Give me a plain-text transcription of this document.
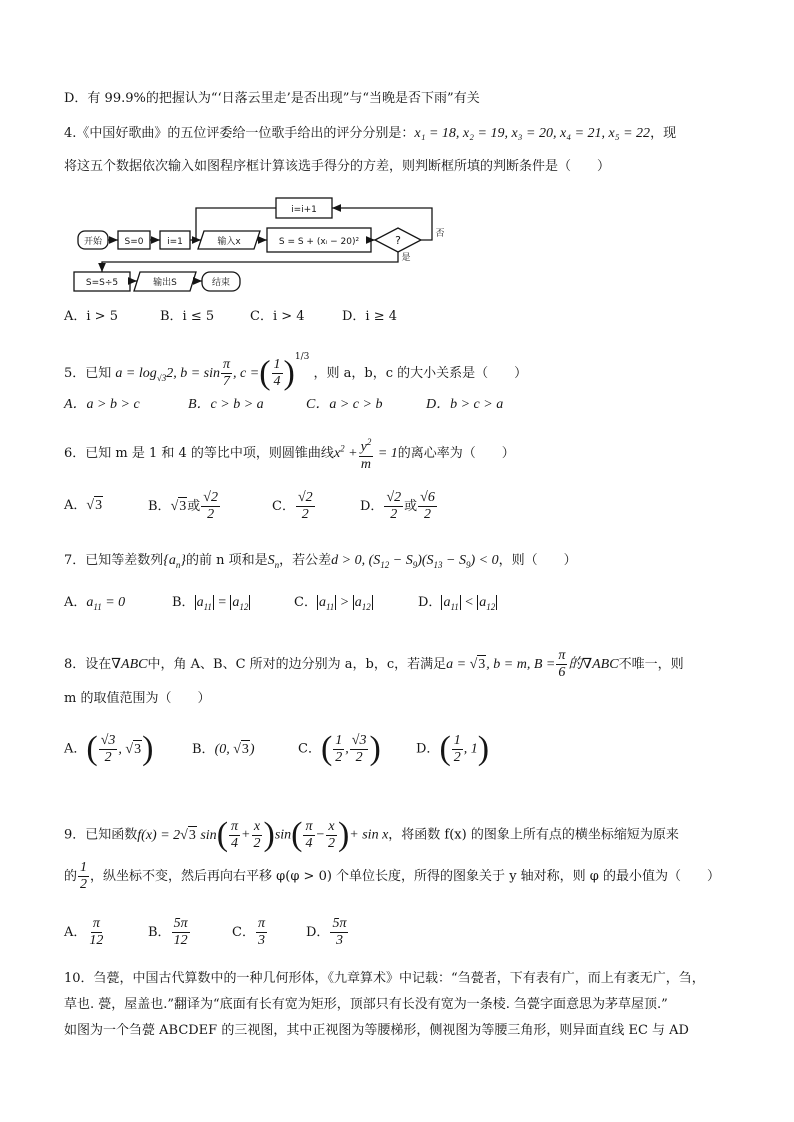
D．有 99.9%的把握认为“‘日落云里走’是否出现”与“当晚是否下雨”有关
4.《中国好歌曲》的五位评委给一位歌手给出的评分分别是：x₁ = 18, x₂ = 19, x₃ = 20, x₄ = 21, x₅ = 22，现
将这五个数据依次输入如图程序框计算该选手得分的方差，则判断框所填的判断条件是（　　）
开始	S=0	i=1	输入x	S = S + (xᵢ − 20)²	?
i=i+1
否
是
S=S÷5	输出S	结束
A．i > 5	B．i ≤ 5	C．i > 4	D．i ≥ 4
5．已知 $a = \log_{√3}2$, $b = \sin \frac{\pi}{7}$ , c =( $\frac{1}{4} )^{1/3}$ ，则 a，b，c 的大小关系是（　　）
A．a > b > c	B．c > b > a	C．a > c > b	D．b > c > a
6．已知 m 是 1 和 4 的等比中项，则圆锥曲线$x^2 + \frac{y^2}{m} = 1$的离心率为（　　）
A．√3	B．√3或 $\frac{√2}{2}$	C． $\frac{√2}{2}$	D． $\frac{√2}{2}$ 或 $\frac{√6}{2}$
7．已知等差数列$\{a_n\}$的前 n 项和是$S_n$，若公差d > 0, $(S_{12} - S_9)(S_{13} - S_9) < 0$，则（　　）
A．$a_{11} = 0$	B． $a_{11} = a_{12}$	C． $a_{11} > a_{12}$	D． $a_{11} < a_{12}$
8．设在∇ABC中，角 A、B、C 所对的边分别为 a，b，c，若满足a = √3, b = m, $B = \frac{\pi}{6}$ 的∇ABC不唯一，则
m 的取值范围为（　　）
A．( $\frac{√3}{2}$ , √3)	B．(0, √3)	C．( $\frac{1}{2}$ , $\frac{√3}{2}$ )	D．( $\frac{1}{2}$ , 1)
9．已知函数f(x) = 2√3 $\sin( \frac{\pi}{4} + \frac{x}{2} )\sin( \frac{\pi}{4} - \frac{x}{2}$ )+ sin x，将函数 f(x) 的图象上所有点的横坐标缩短为原来
的 $\frac{1}{2}$ ，纵坐标不变，然后再向右平移 φ(φ > 0) 个单位长度，所得的图象关于 y 轴对称，则 φ 的最小值为（　　）
A． $\frac{\pi}{12}$	B． $\frac{5\pi}{12}$	C． $\frac{\pi}{3}$	D． $\frac{5\pi}{3}$
10．刍甍，中国古代算数中的一种几何形体，《九章算术》中记载：“刍甍者，下有表有广，而上有袤无广，刍，
草也. 甍，屋盖也.”翻译为“底面有长有宽为矩形，顶部只有长没有宽为一条棱. 刍甍字面意思为茅草屋顶.”
如图为一个刍甍 ABCDEF 的三视图，其中正视图为等腰梯形，侧视图为等腰三角形，则异面直线 EC 与 AD
